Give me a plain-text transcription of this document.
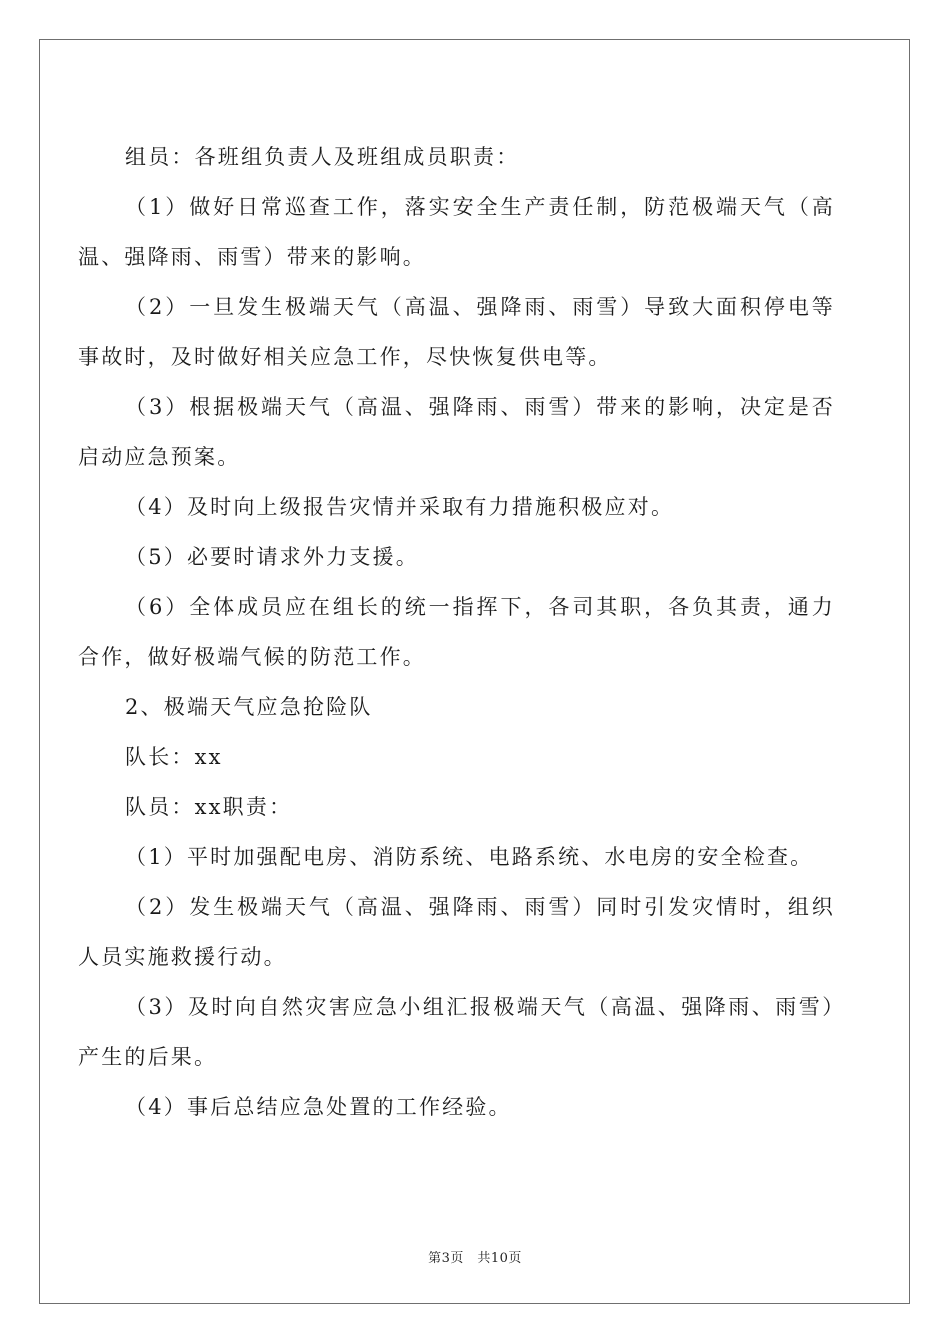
组员：各班组负责人及班组成员职责：

（1）做好日常巡查工作，落实安全生产责任制，防范极端天气（高温、强降雨、雨雪）带来的影响。

（2）一旦发生极端天气（高温、强降雨、雨雪）导致大面积停电等事故时，及时做好相关应急工作，尽快恢复供电等。

（3）根据极端天气（高温、强降雨、雨雪）带来的影响，决定是否启动应急预案。

（4）及时向上级报告灾情并采取有力措施积极应对。

（5）必要时请求外力支援。

（6）全体成员应在组长的统一指挥下，各司其职，各负其责，通力合作，做好极端气候的防范工作。

2、极端天气应急抢险队

队长：xx

队员：xx职责：

（1）平时加强配电房、消防系统、电路系统、水电房的安全检查。

（2）发生极端天气（高温、强降雨、雨雪）同时引发灾情时，组织人员实施救援行动。

（3）及时向自然灾害应急小组汇报极端天气（高温、强降雨、雨雪）产生的后果。

（4）事后总结应急处置的工作经验。

第3页　共10页
